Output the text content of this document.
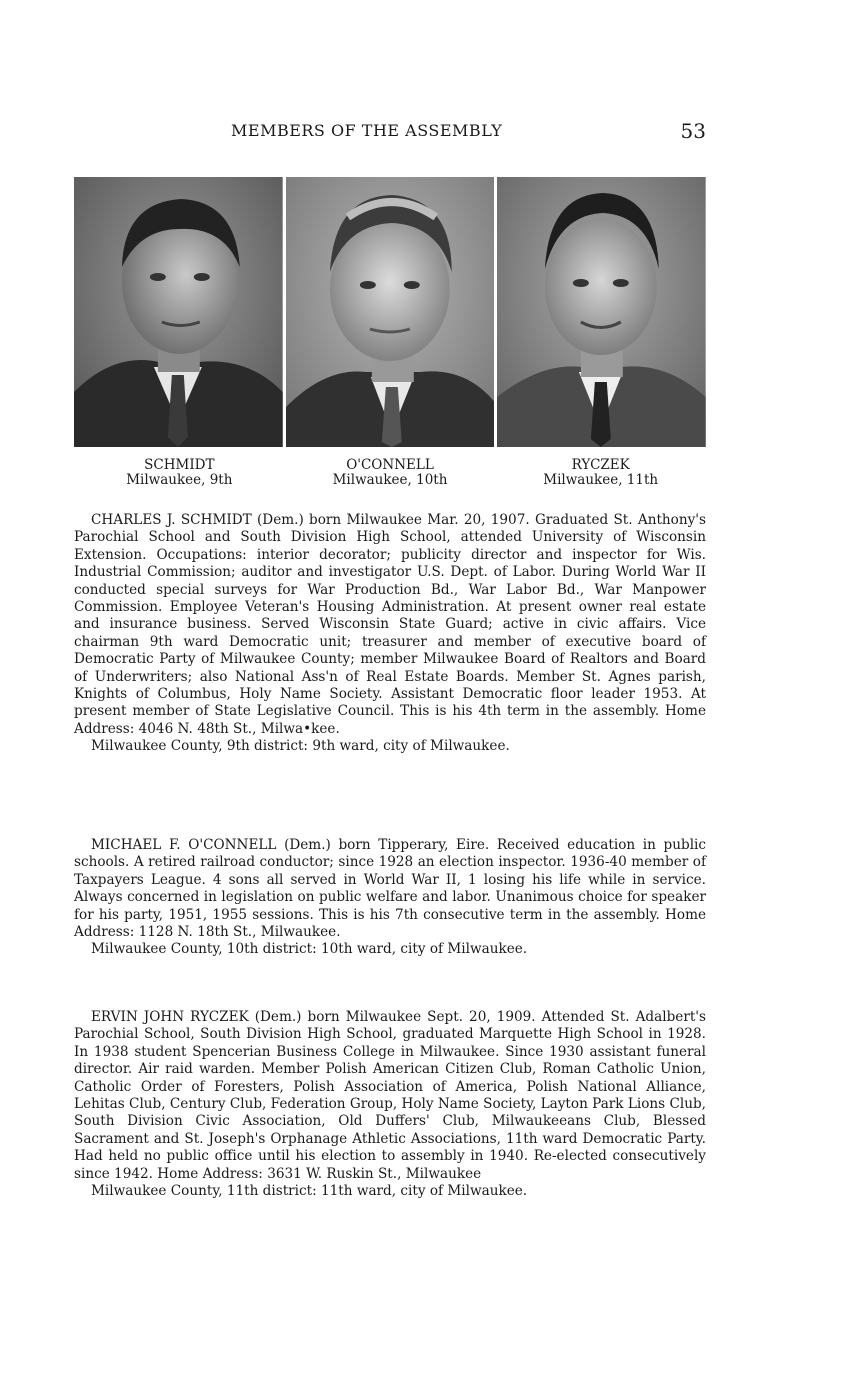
MEMBERS OF THE ASSEMBLY	53
SCHMIDT
Milwaukee, 9th
O'CONNELL
Milwaukee, 10th
RYCZEK
Milwaukee, 11th

CHARLES J. SCHMIDT (Dem.) born Milwaukee Mar. 20, 1907. Graduated St. Anthony's Parochial School and South Division High School, attended University of Wisconsin Extension. Occupations: interior decorator; publicity director and inspector for Wis. Industrial Commission; auditor and investigator U.S. Dept. of Labor. During World War II conducted special surveys for War Production Bd., War Labor Bd., War Manpower Commission. Employee Veteran's Housing Administration. At present owner real estate and insurance business. Served Wisconsin State Guard; active in civic affairs. Vice chairman 9th ward Democratic unit; treasurer and member of executive board of Democratic Party of Milwaukee County; member Milwaukee Board of Realtors and Board of Underwriters; also National Ass'n of Real Estate Boards. Member St. Agnes parish, Knights of Columbus, Holy Name Society. Assistant Democratic floor leader 1953. At present member of State Legislative Council. This is his 4th term in the assembly. Home Address: 4046 N. 48th St., Milwa•kee.

Milwaukee County, 9th district: 9th ward, city of Milwaukee.

MICHAEL F. O'CONNELL (Dem.) born Tipperary, Eire. Received education in public schools. A retired railroad conductor; since 1928 an election inspector. 1936-40 member of Taxpayers League. 4 sons all served in World War II, 1 losing his life while in service. Always concerned in legislation on public welfare and labor. Unanimous choice for speaker for his party, 1951, 1955 sessions. This is his 7th consecutive term in the assembly. Home Address: 1128 N. 18th St., Milwaukee.

Milwaukee County, 10th district: 10th ward, city of Milwaukee.

ERVIN JOHN RYCZEK (Dem.) born Milwaukee Sept. 20, 1909. Attended St. Adalbert's Parochial School, South Division High School, graduated Marquette High School in 1928. In 1938 student Spencerian Business College in Milwaukee. Since 1930 assistant funeral director. Air raid warden. Member Polish American Citizen Club, Roman Catholic Union, Catholic Order of Foresters, Polish Association of America, Polish National Alliance, Lehitas Club, Century Club, Federation Group, Holy Name Society, Layton Park Lions Club, South Division Civic Association, Old Duffers' Club, Milwaukeeans Club, Blessed Sacrament and St. Joseph's Orphanage Athletic Associations, 11th ward Democratic Party. Had held no public office until his election to assembly in 1940. Re-elected consecutively since 1942. Home Address: 3631 W. Ruskin St., Milwaukee

Milwaukee County, 11th district: 11th ward, city of Milwaukee.
